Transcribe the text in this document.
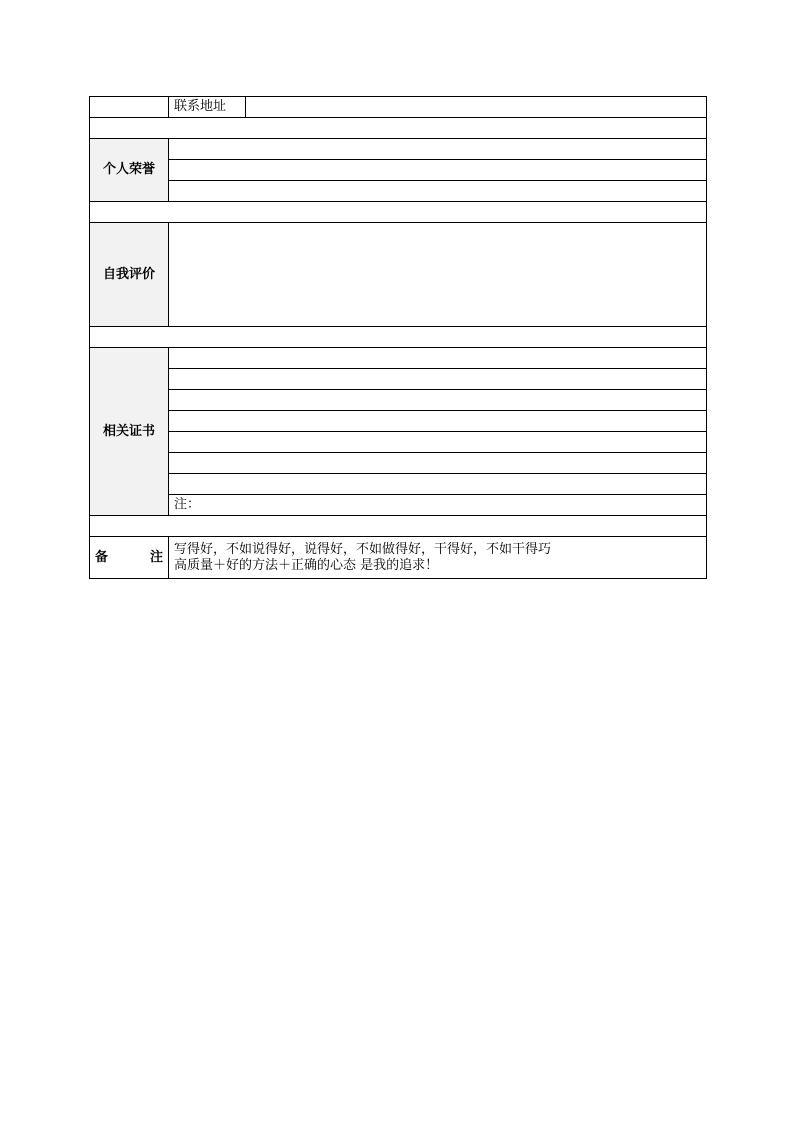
	联系地址

个人荣誉	

自我评价	

相关证书	

	注：

备注	写得好，不如说得好，说得好，不如做得好，干得好，不如干得巧
高质量＋好的方法＋正确的心态 是我的追求！
